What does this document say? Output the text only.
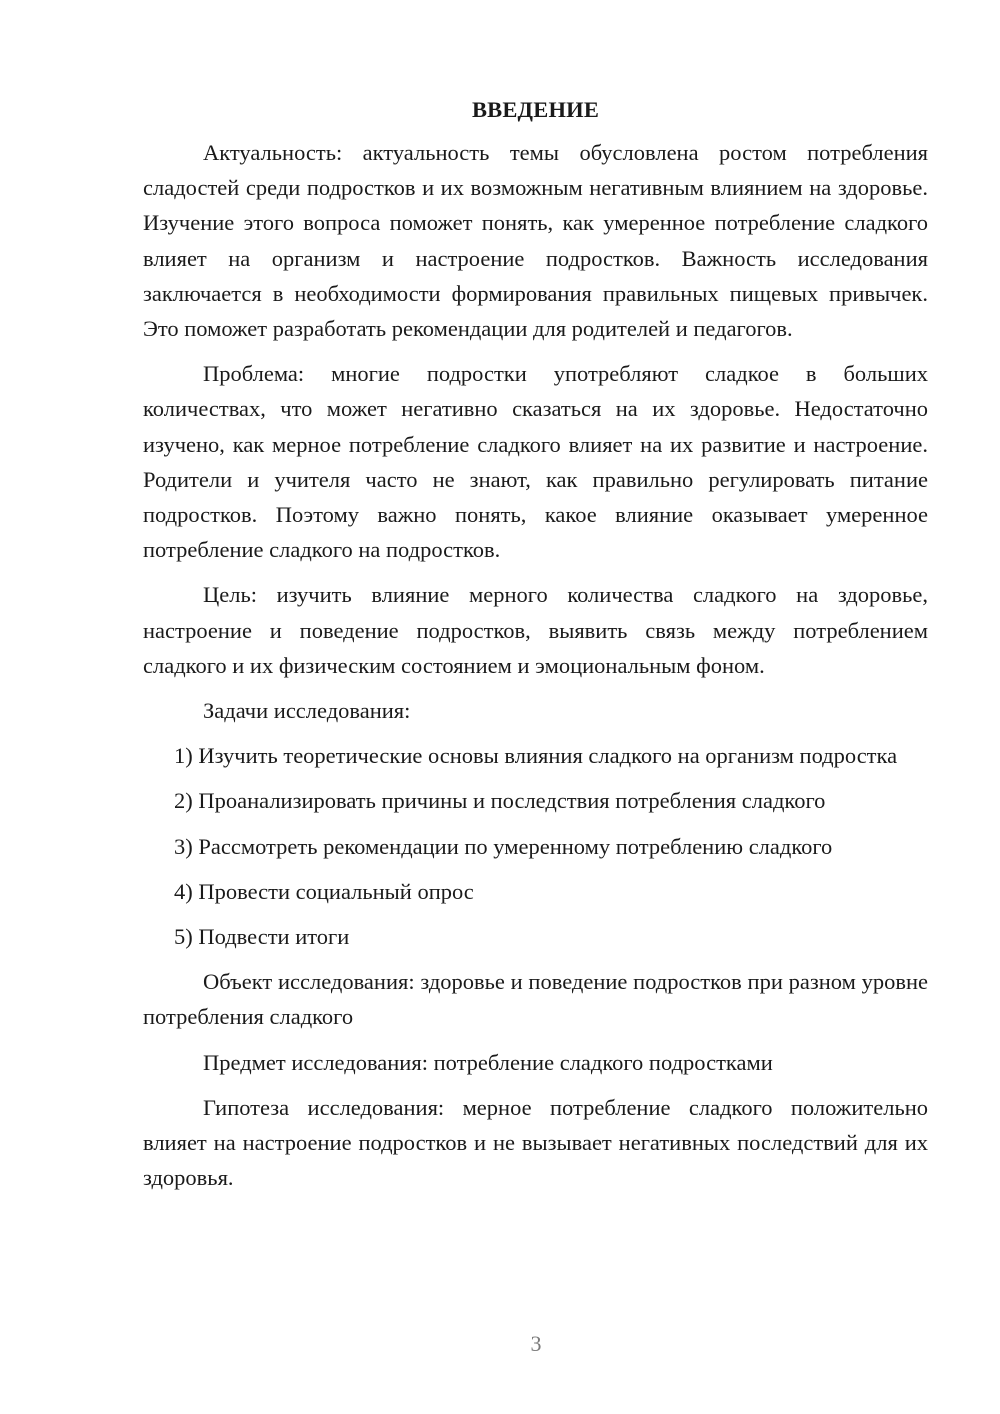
ВВЕДЕНИЕ

Актуальность: актуальность темы обусловлена ростом потребления сладостей среди подростков и их возможным негативным влиянием на здоровье. Изучение этого вопроса поможет понять, как умеренное потребление сладкого влияет на организм и настроение подростков. Важность исследования заключается в необходимости формирования правильных пищевых привычек. Это поможет разработать рекомендации для родителей и педагогов.

Проблема: многие подростки употребляют сладкое в больших количествах, что может негативно сказаться на их здоровье. Недостаточно изучено, как мерное потребление сладкого влияет на их развитие и настроение. Родители и учителя часто не знают, как правильно регулировать питание подростков. Поэтому важно понять, какое влияние оказывает умеренное потребление сладкого на подростков.

Цель: изучить влияние мерного количества сладкого на здоровье, настроение и поведение подростков, выявить связь между потреблением сладкого и их физическим состоянием и эмоциональным фоном.

Задачи исследования:

1) Изучить теоретические основы влияния сладкого на организм подростка

2) Проанализировать причины и последствия потребления сладкого

3) Рассмотреть рекомендации по умеренному потреблению сладкого

4) Провести социальный опрос

5) Подвести итоги

Объект исследования: здоровье и поведение подростков при разном уровне потребления сладкого

Предмет исследования: потребление сладкого подростками

Гипотеза исследования: мерное потребление сладкого положительно влияет на настроение подростков и не вызывает негативных последствий для их здоровья.

3
